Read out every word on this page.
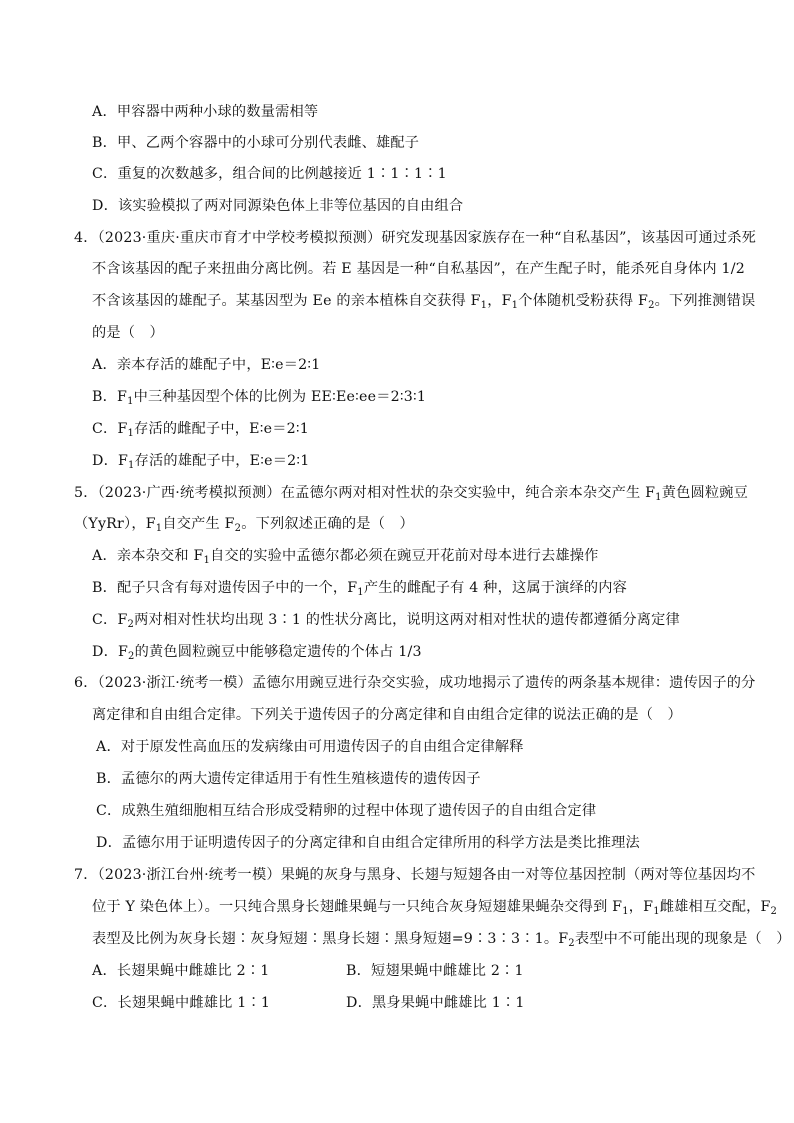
A．甲容器中两种小球的数量需相等
B．甲、乙两个容器中的小球可分别代表雌、雄配子
C．重复的次数越多，组合间的比例越接近 1∶1∶1∶1
D．该实验模拟了两对同源染色体上非等位基因的自由组合
4．（2023·重庆·重庆市育才中学校考模拟预测）研究发现基因家族存在一种“自私基因”，该基因可通过杀死
不含该基因的配子来扭曲分离比例。若 E 基因是一种“自私基因”，在产生配子时，能杀死自身体内 1/2
不含该基因的雄配子。某基因型为 Ee 的亲本植株自交获得 $F_1$，$F_1$个体随机受粉获得 $F_2$。下列推测错误
的是（　）
A．亲本存活的雄配子中，E∶e＝2∶1
B．$F_1$中三种基因型个体的比例为 EE∶Ee∶ee＝2∶3∶1
C．$F_1$存活的雌配子中，E∶e＝2∶1
D．$F_1$存活的雄配子中，E∶e＝2∶1
5．（2023·广西·统考模拟预测）在孟德尔两对相对性状的杂交实验中，纯合亲本杂交产生 $F_1$黄色圆粒豌豆
（YyRr），$F_1$自交产生 $F_2$。下列叙述正确的是（　）
A．亲本杂交和 $F_1$自交的实验中孟德尔都必须在豌豆开花前对母本进行去雄操作
B．配子只含有每对遗传因子中的一个，$F_1$产生的雌配子有 4 种，这属于演绎的内容
C．$F_2$两对相对性状均出现 3∶1 的性状分离比，说明这两对相对性状的遗传都遵循分离定律
D．$F_2$的黄色圆粒豌豆中能够稳定遗传的个体占 1/3
6．（2023·浙江·统考一模）孟德尔用豌豆进行杂交实验，成功地揭示了遗传的两条基本规律：遗传因子的分
离定律和自由组合定律。下列关于遗传因子的分离定律和自由组合定律的说法正确的是（　）
A．对于原发性高血压的发病缘由可用遗传因子的自由组合定律解释
B．孟德尔的两大遗传定律适用于有性生殖核遗传的遗传因子
C．成熟生殖细胞相互结合形成受精卵的过程中体现了遗传因子的自由组合定律
D．孟德尔用于证明遗传因子的分离定律和自由组合定律所用的科学方法是类比推理法
7．（2023·浙江台州·统考一模）果蝇的灰身与黑身、长翅与短翅各由一对等位基因控制（两对等位基因均不
位于 Y 染色体上）。一只纯合黑身长翅雌果蝇与一只纯合灰身短翅雄果蝇杂交得到 $F_1$，$F_1$雌雄相互交配，$F_2$
表型及比例为灰身长翅∶灰身短翅∶黑身长翅∶黑身短翅=9∶3∶3∶1。$F_2$表型中不可能出现的现象是（　）
A．长翅果蝇中雌雄比 2∶1	B．短翅果蝇中雌雄比 2∶1
C．长翅果蝇中雌雄比 1∶1	D．黑身果蝇中雌雄比 1∶1
